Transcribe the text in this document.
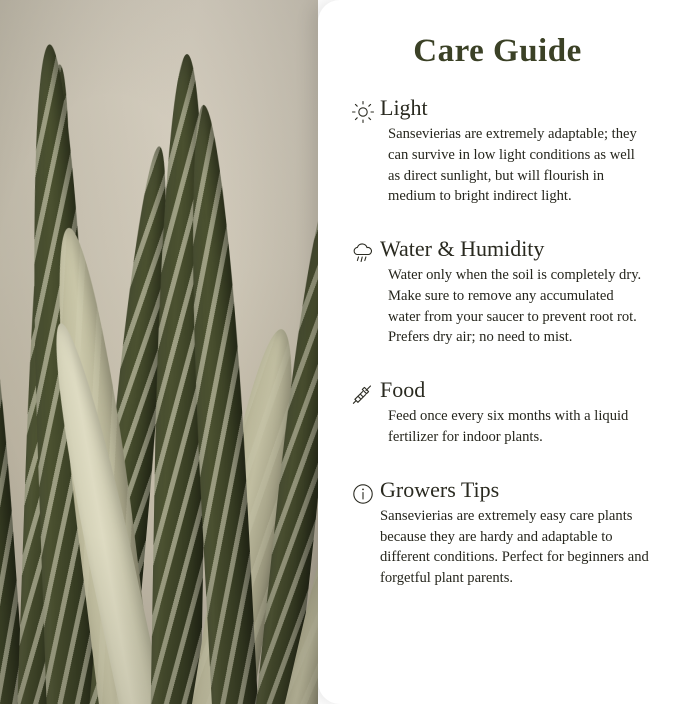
Care Guide
Light

Sansevierias are extremely adaptable; they can survive in low light conditions as well as direct sunlight, but will flourish in medium to bright indirect light.

Water & Humidity

Water only when the soil is completely dry. Make sure to remove any accumulated water from your saucer to prevent root rot. Prefers dry air; no need to mist.

Food

Feed once every six months with a liquid fertilizer for indoor plants.

Growers Tips

Sansevierias are extremely easy care plants because they are hardy and adaptable to different conditions. Perfect for beginners and forgetful plant parents.
